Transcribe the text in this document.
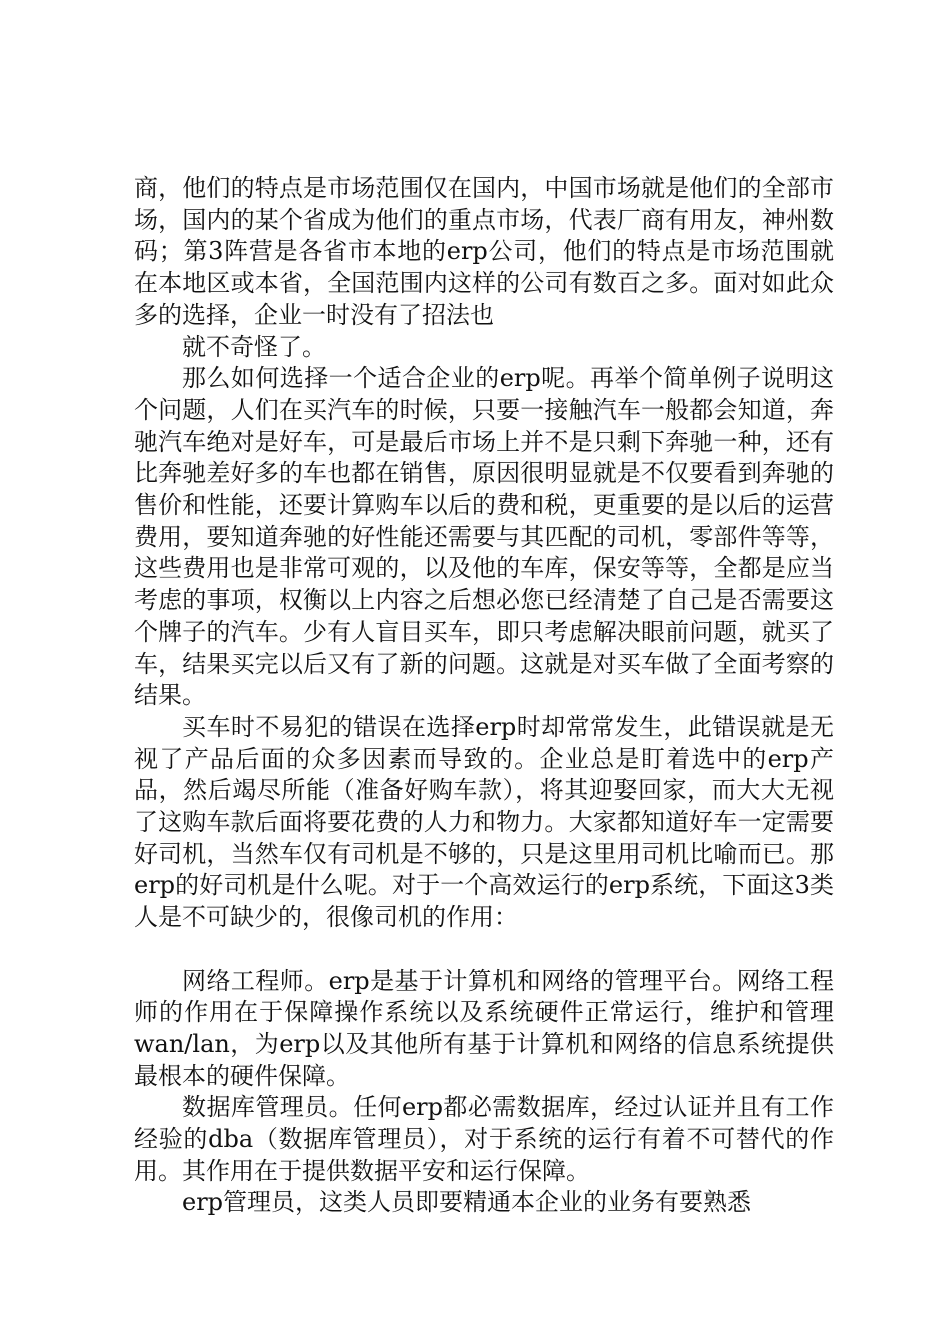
商，他们的特点是市场范围仅在国内，中国市场就是他们的全部市场，国内的某个省成为他们的重点市场，代表厂商有用友，神州数码；第3阵营是各省市本地的erp公司，他们的特点是市场范围就在本地区或本省，全国范围内这样的公司有数百之多。面对如此众多的选择，企业一时没有了招法也

就不奇怪了。

那么如何选择一个适合企业的erp呢。再举个简单例子说明这个问题，人们在买汽车的时候，只要一接触汽车一般都会知道，奔驰汽车绝对是好车，可是最后市场上并不是只剩下奔驰一种，还有比奔驰差好多的车也都在销售，原因很明显就是不仅要看到奔驰的售价和性能，还要计算购车以后的费和税，更重要的是以后的运营费用，要知道奔驰的好性能还需要与其匹配的司机，零部件等等，这些费用也是非常可观的，以及他的车库，保安等等，全都是应当考虑的事项，权衡以上内容之后想必您已经清楚了自己是否需要这个牌子的汽车。少有人盲目买车，即只考虑解决眼前问题，就买了车，结果买完以后又有了新的问题。这就是对买车做了全面考察的结果。

买车时不易犯的错误在选择erp时却常常发生，此错误就是无视了产品后面的众多因素而导致的。企业总是盯着选中的erp产品，然后竭尽所能（准备好购车款），将其迎娶回家，而大大无视了这购车款后面将要花费的人力和物力。大家都知道好车一定需要好司机，当然车仅有司机是不够的，只是这里用司机比喻而已。那erp的好司机是什么呢。对于一个高效运行的erp系统，下面这3类人是不可缺少的，很像司机的作用：

网络工程师。erp是基于计算机和网络的管理平台。网络工程师的作用在于保障操作系统以及系统硬件正常运行，维护和管理wan/lan，为erp以及其他所有基于计算机和网络的信息系统提供最根本的硬件保障。

数据库管理员。任何erp都必需数据库，经过认证并且有工作经验的dba（数据库管理员），对于系统的运行有着不可替代的作用。其作用在于提供数据平安和运行保障。

erp管理员，这类人员即要精通本企业的业务有要熟悉
